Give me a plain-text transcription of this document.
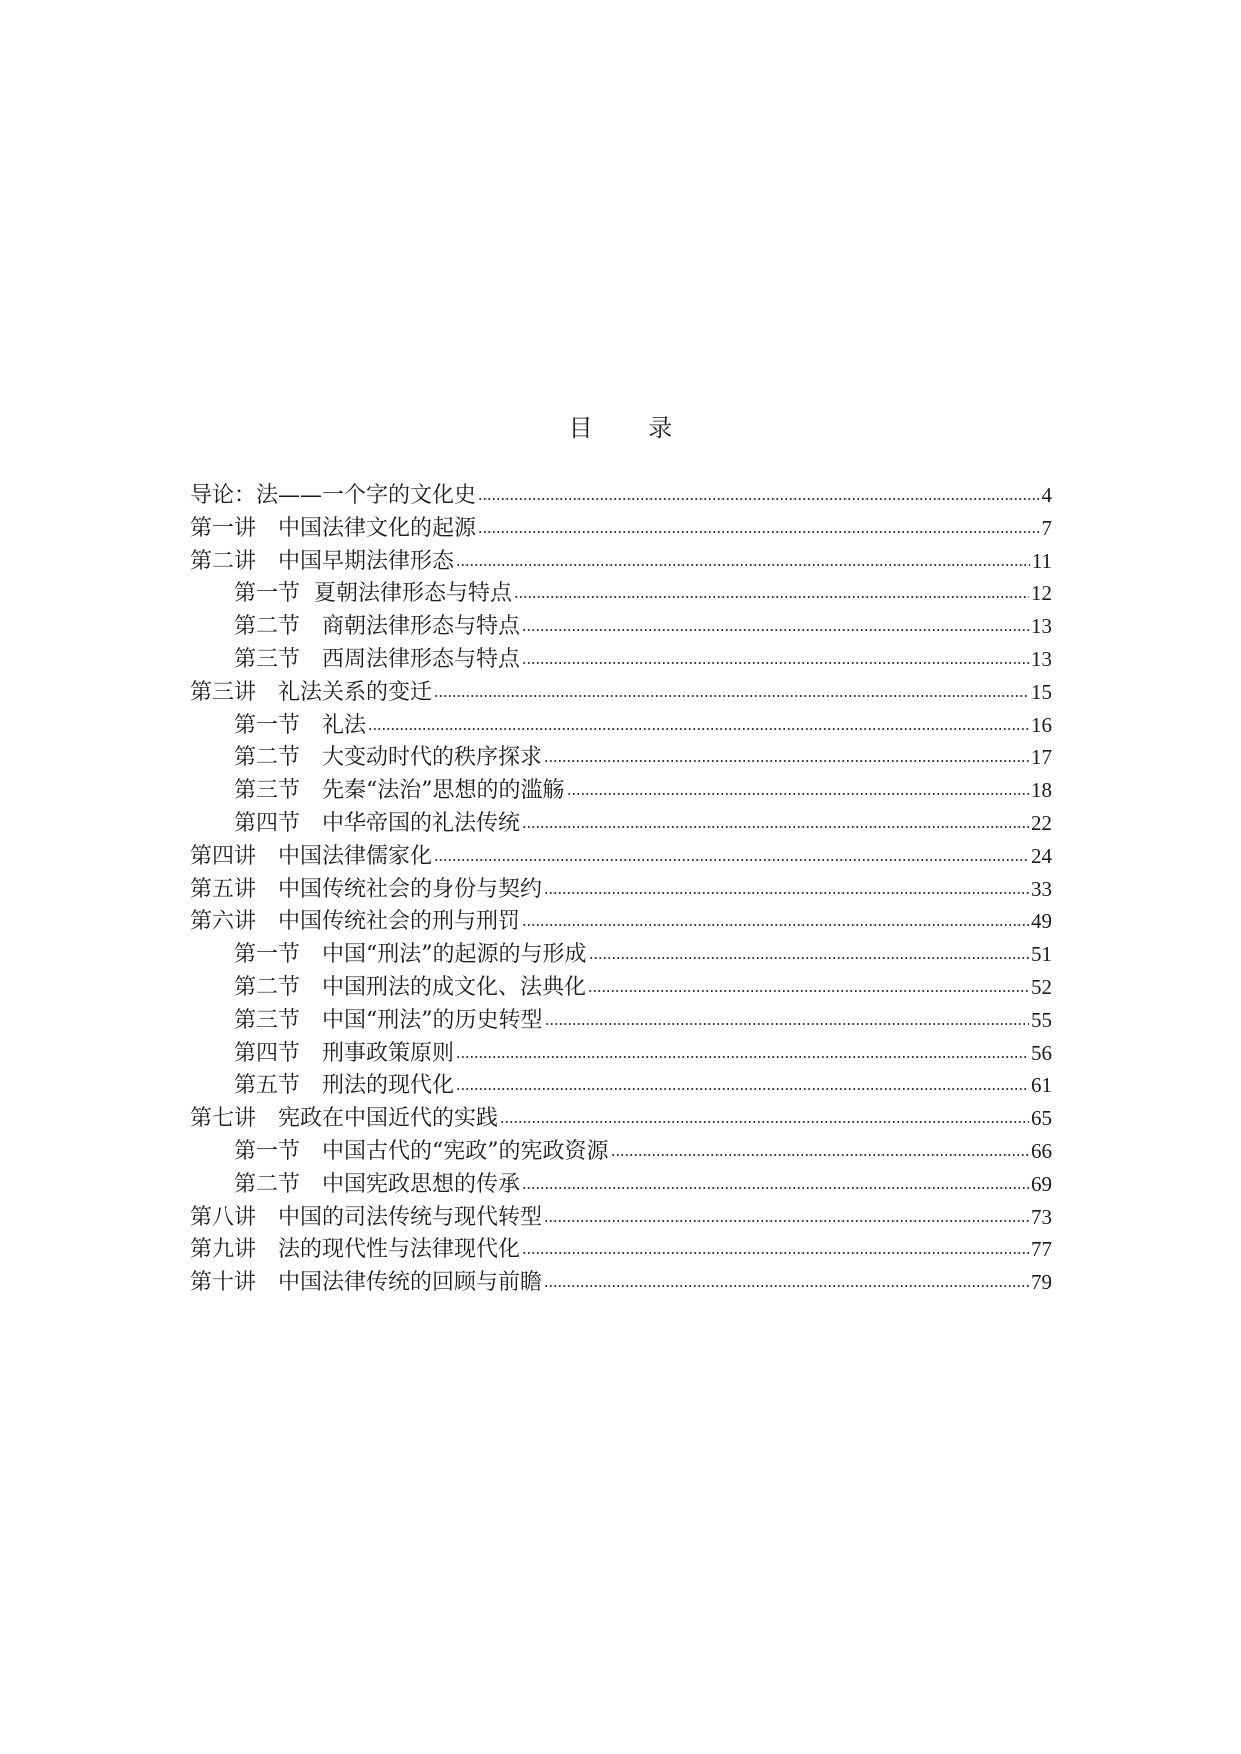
目 录
导论：法——一个字的文化史	4
第一讲　中国法律文化的起源	7
第二讲　中国早期法律形态	11
第一节  夏朝法律形态与特点	12
第二节　商朝法律形态与特点	13
第三节　西周法律形态与特点	13
第三讲　礼法关系的变迁	15
第一节　礼法	16
第二节　大变动时代的秩序探求	17
第三节　先秦“法治”思想的的滥觞	18
第四节　中华帝国的礼法传统	22
第四讲　中国法律儒家化	24
第五讲　中国传统社会的身份与契约	33
第六讲　中国传统社会的刑与刑罚	49
第一节　中国“刑法”的起源的与形成	51
第二节　中国刑法的成文化、法典化	52
第三节　中国“刑法”的历史转型	55
第四节　刑事政策原则	56
第五节　刑法的现代化	61
第七讲　宪政在中国近代的实践	65
第一节　中国古代的“宪政”的宪政资源	66
第二节　中国宪政思想的传承	69
第八讲　中国的司法传统与现代转型	73
第九讲　法的现代性与法律现代化	77
第十讲　中国法律传统的回顾与前瞻	79
